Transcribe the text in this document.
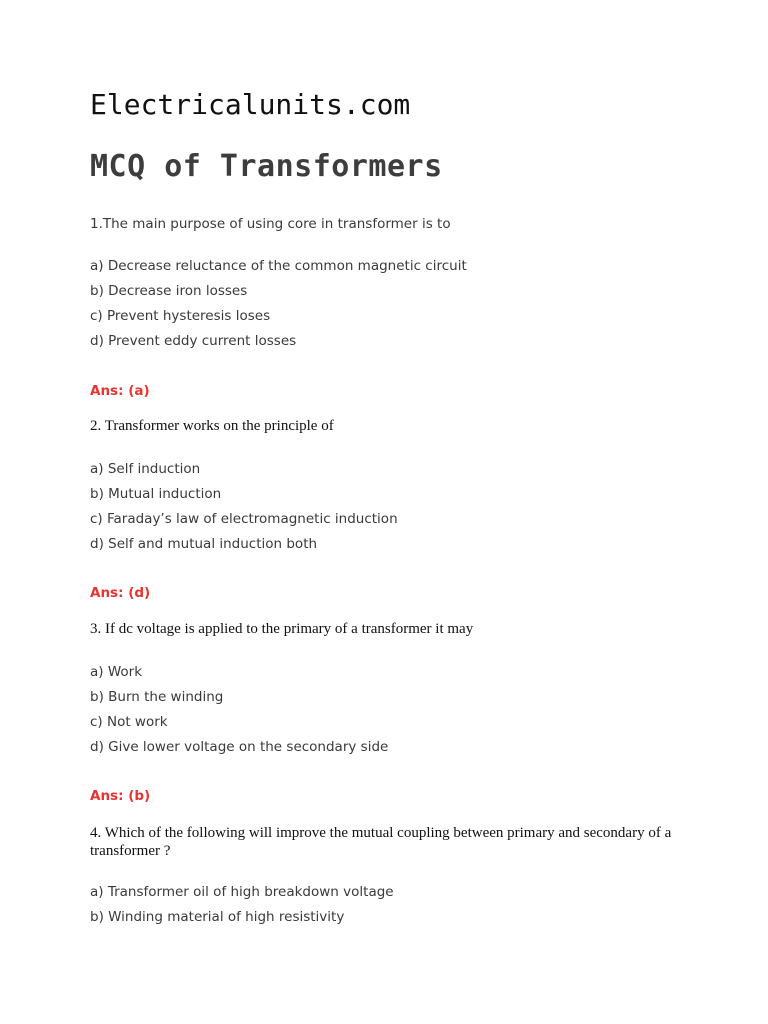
Electricalunits.com
MCQ of Transformers

1.The main purpose of using core in transformer is to

a) Decrease reluctance of the common magnetic circuit

b) Decrease iron losses

c) Prevent hysteresis loses

d) Prevent eddy current losses

Ans: (a)

2. Transformer works on the principle of

a) Self induction

b) Mutual induction

c) Faraday’s law of electromagnetic induction

d) Self and mutual induction both

Ans: (d)

3. If dc voltage is applied to the primary of a transformer it may

a) Work

b) Burn the winding

c) Not work

d) Give lower voltage on the secondary side

Ans: (b)

4. Which of the following will improve the mutual coupling between primary and secondary of a transformer ?

a) Transformer oil of high breakdown voltage

b) Winding material of high resistivity
